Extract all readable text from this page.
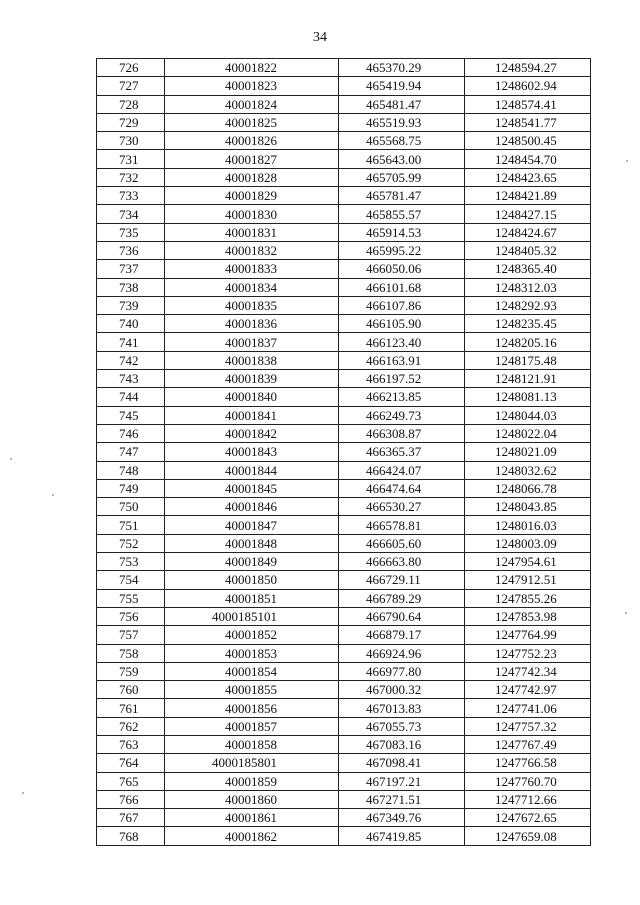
34
726	40001822	465370.29	1248594.27
727	40001823	465419.94	1248602.94
728	40001824	465481.47	1248574.41
729	40001825	465519.93	1248541.77
730	40001826	465568.75	1248500.45
731	40001827	465643.00	1248454.70
732	40001828	465705.99	1248423.65
733	40001829	465781.47	1248421.89
734	40001830	465855.57	1248427.15
735	40001831	465914.53	1248424.67
736	40001832	465995.22	1248405.32
737	40001833	466050.06	1248365.40
738	40001834	466101.68	1248312.03
739	40001835	466107.86	1248292.93
740	40001836	466105.90	1248235.45
741	40001837	466123.40	1248205.16
742	40001838	466163.91	1248175.48
743	40001839	466197.52	1248121.91
744	40001840	466213.85	1248081.13
745	40001841	466249.73	1248044.03
746	40001842	466308.87	1248022.04
747	40001843	466365.37	1248021.09
748	40001844	466424.07	1248032.62
749	40001845	466474.64	1248066.78
750	40001846	466530.27	1248043.85
751	40001847	466578.81	1248016.03
752	40001848	466605.60	1248003.09
753	40001849	466663.80	1247954.61
754	40001850	466729.11	1247912.51
755	40001851	466789.29	1247855.26
756	4000185101	466790.64	1247853.98
757	40001852	466879.17	1247764.99
758	40001853	466924.96	1247752.23
759	40001854	466977.80	1247742.34
760	40001855	467000.32	1247742.97
761	40001856	467013.83	1247741.06
762	40001857	467055.73	1247757.32
763	40001858	467083.16	1247767.49
764	4000185801	467098.41	1247766.58
765	40001859	467197.21	1247760.70
766	40001860	467271.51	1247712.66
767	40001861	467349.76	1247672.65
768	40001862	467419.85	1247659.08
